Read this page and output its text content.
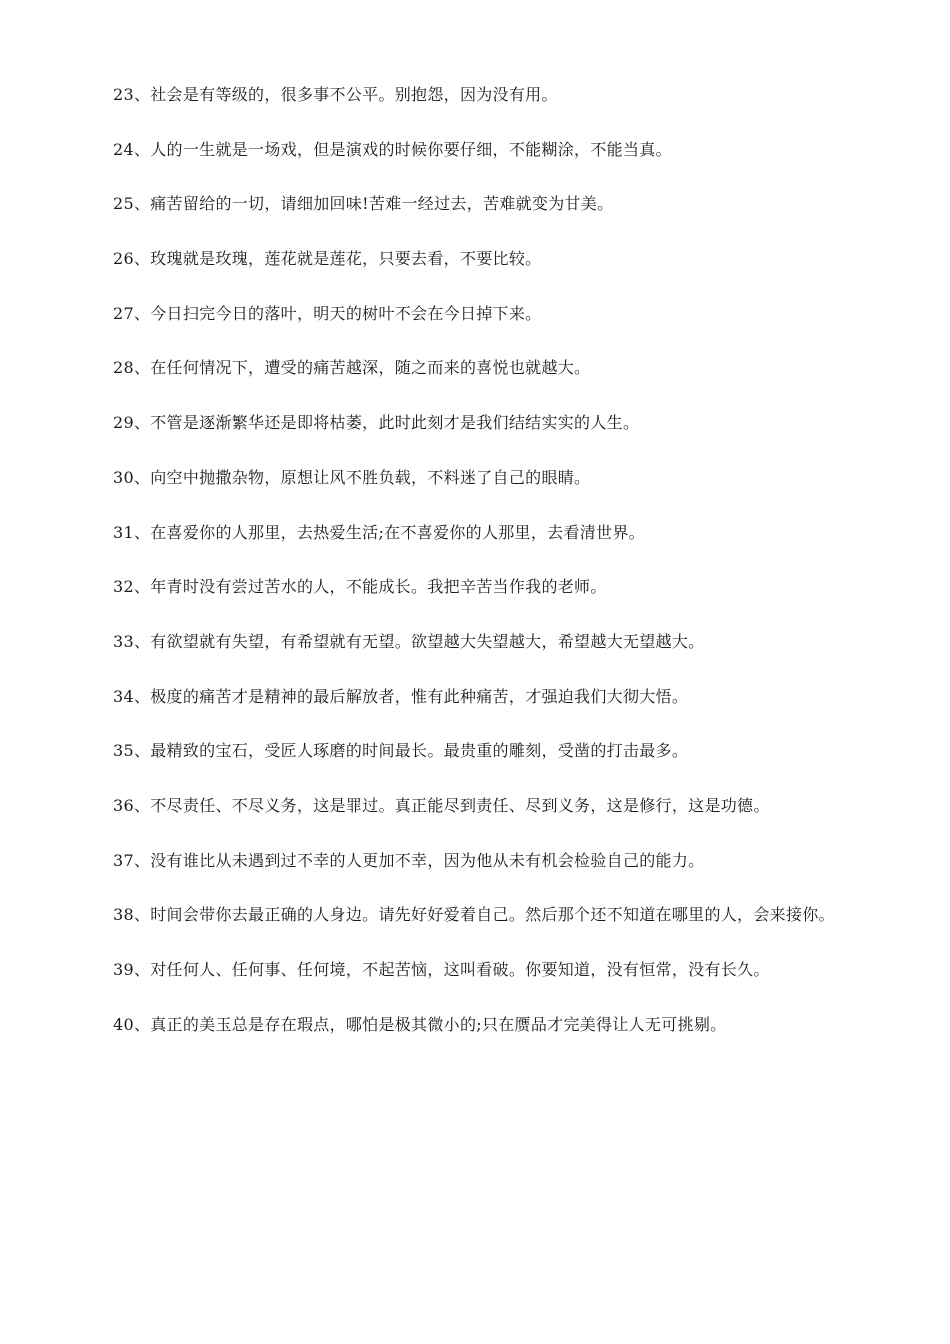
23、社会是有等级的，很多事不公平。别抱怨，因为没有用。

24、人的一生就是一场戏，但是演戏的时候你要仔细，不能糊涂，不能当真。

25、痛苦留给的一切，请细加回味!苦难一经过去，苦难就变为甘美。

26、玫瑰就是玫瑰，莲花就是莲花，只要去看，不要比较。

27、今日扫完今日的落叶，明天的树叶不会在今日掉下来。

28、在任何情况下，遭受的痛苦越深，随之而来的喜悦也就越大。

29、不管是逐渐繁华还是即将枯萎，此时此刻才是我们结结实实的人生。

30、向空中抛撒杂物，原想让风不胜负载，不料迷了自己的眼睛。

31、在喜爱你的人那里，去热爱生活;在不喜爱你的人那里，去看清世界。

32、年青时没有尝过苦水的人，不能成长。我把辛苦当作我的老师。

33、有欲望就有失望，有希望就有无望。欲望越大失望越大，希望越大无望越大。

34、极度的痛苦才是精神的最后解放者，惟有此种痛苦，才强迫我们大彻大悟。

35、最精致的宝石，受匠人琢磨的时间最长。最贵重的雕刻，受凿的打击最多。

36、不尽责任、不尽义务，这是罪过。真正能尽到责任、尽到义务，这是修行，这是功德。

37、没有谁比从未遇到过不幸的人更加不幸，因为他从未有机会检验自己的能力。

38、时间会带你去最正确的人身边。请先好好爱着自己。然后那个还不知道在哪里的人，会来接你。

39、对任何人、任何事、任何境，不起苦恼，这叫看破。你要知道，没有恒常，没有长久。

40、真正的美玉总是存在瑕点，哪怕是极其微小的;只在赝品才完美得让人无可挑剔。
